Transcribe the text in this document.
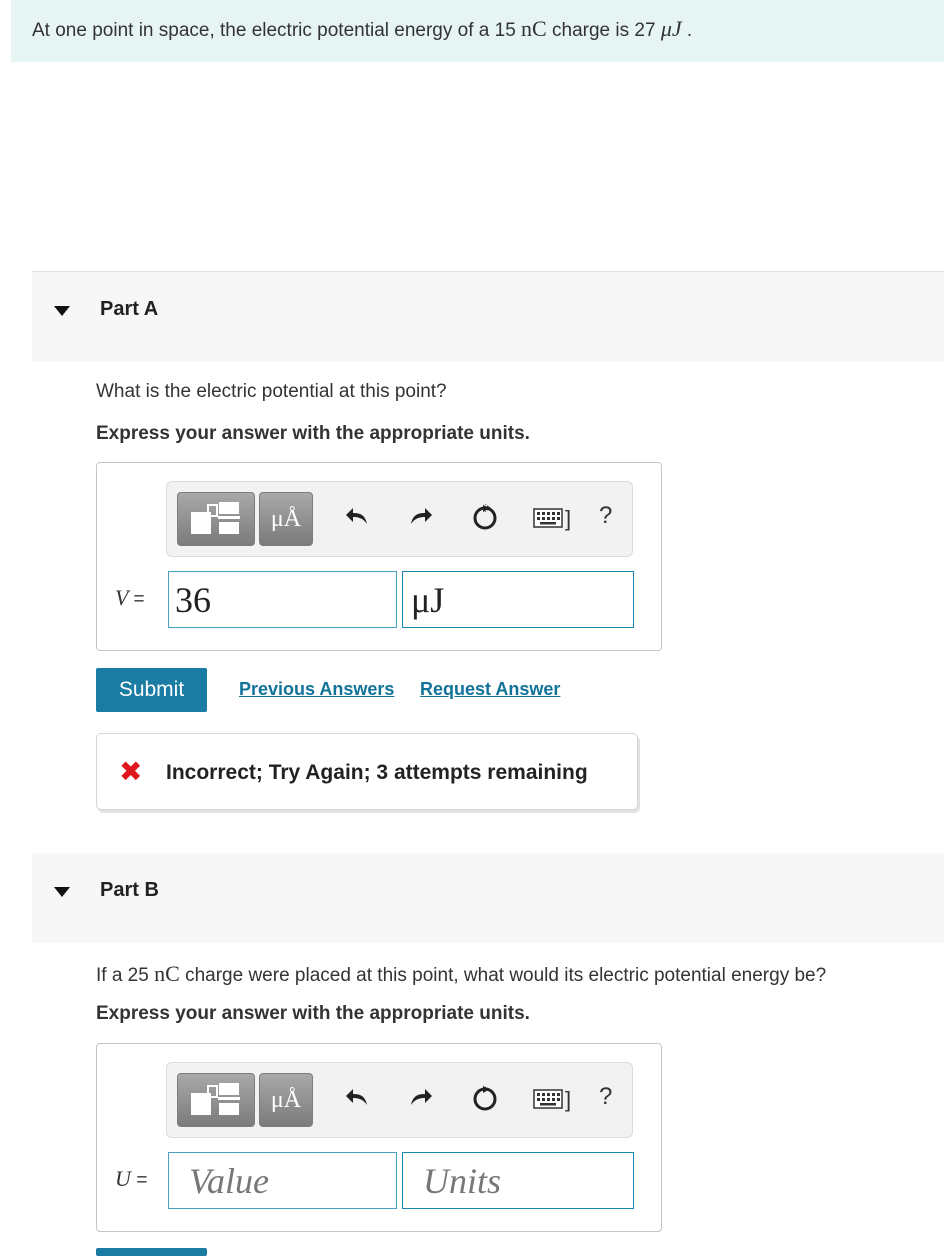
At one point in space, the electric potential energy of a 15 nC charge is 27 μJ .
Part A
What is the electric potential at this point?
Express your answer with the appropriate units.
μÅ	] ?
V = 36	μJ
Submit	Previous Answers Request Answer
✖ Incorrect; Try Again; 3 attempts remaining
Part B
If a 25 nC charge were placed at this point, what would its electric potential energy be?
Express your answer with the appropriate units.
μÅ	] ?
U =	Value	Units
